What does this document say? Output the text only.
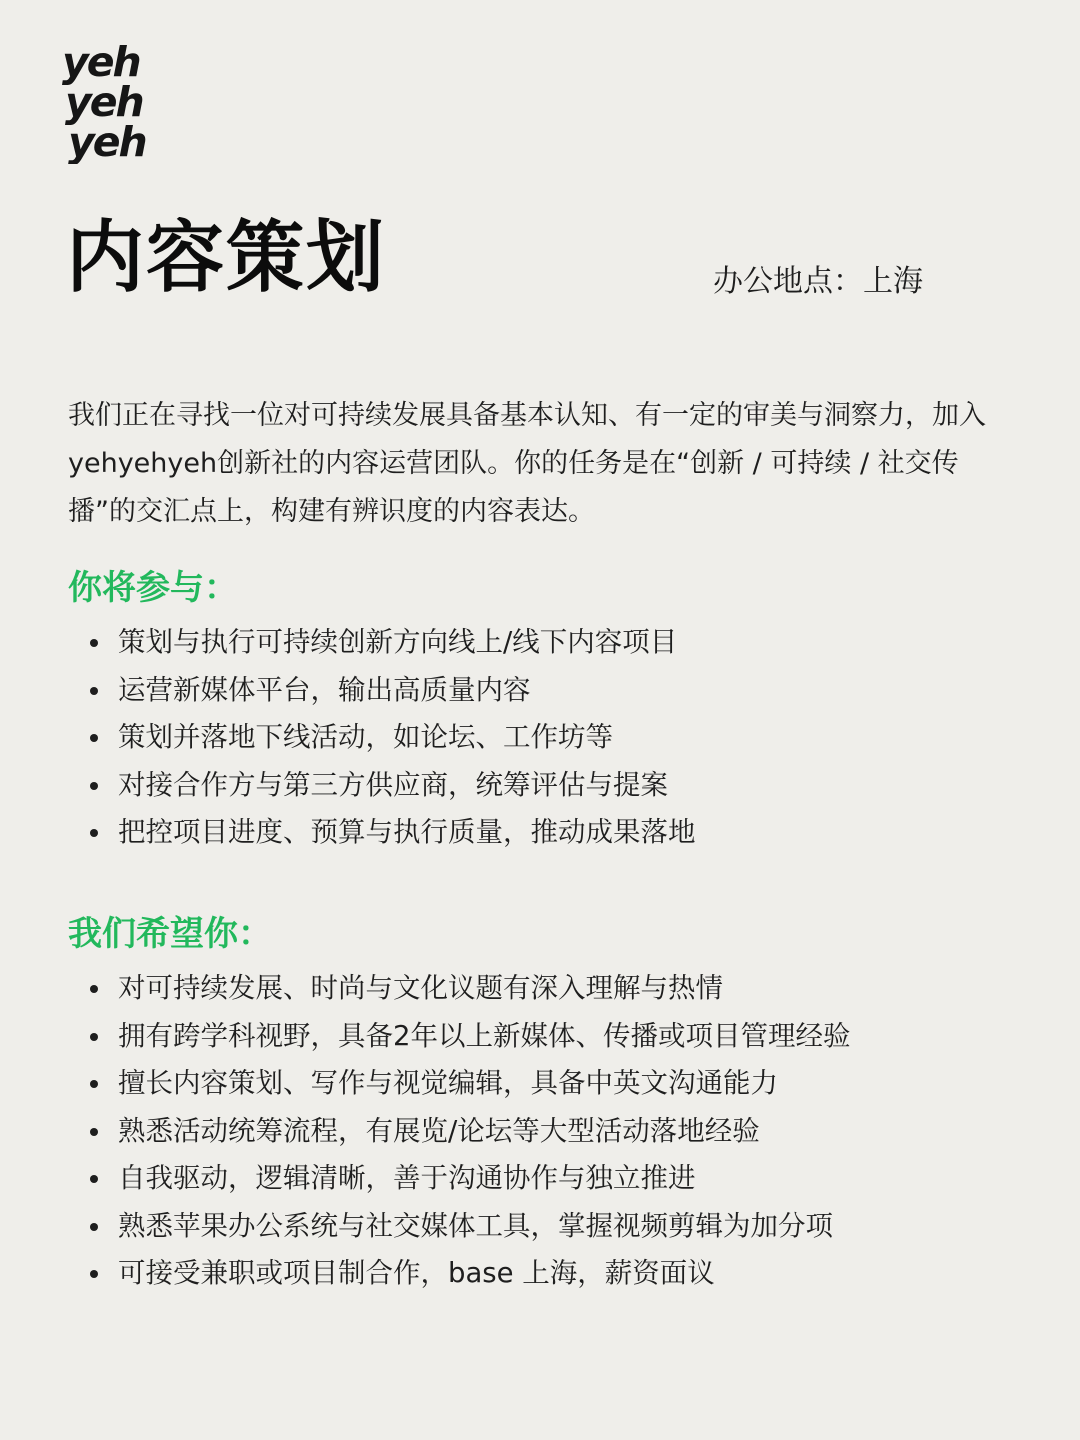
yeh
yeh
yeh
内容策划	办公地点：上海

我们正在寻找一位对可持续发展具备基本认知、有一定的审美与洞察力，加入yehyehyeh创新社的内容运营团队。你的任务是在“创新 / 可持续 / 社交传播”的交汇点上，构建有辨识度的内容表达。

你将参与：
策划与执行可持续创新方向线上/线下内容项目
运营新媒体平台，输出高质量内容
策划并落地下线活动，如论坛、工作坊等
对接合作方与第三方供应商，统筹评估与提案
把控项目进度、预算与执行质量，推动成果落地
我们希望你：
对可持续发展、时尚与文化议题有深入理解与热情
拥有跨学科视野，具备2年以上新媒体、传播或项目管理经验
擅长内容策划、写作与视觉编辑，具备中英文沟通能力
熟悉活动统筹流程，有展览/论坛等大型活动落地经验
自我驱动，逻辑清晰，善于沟通协作与独立推进
熟悉苹果办公系统与社交媒体工具，掌握视频剪辑为加分项
可接受兼职或项目制合作，base 上海，薪资面议
